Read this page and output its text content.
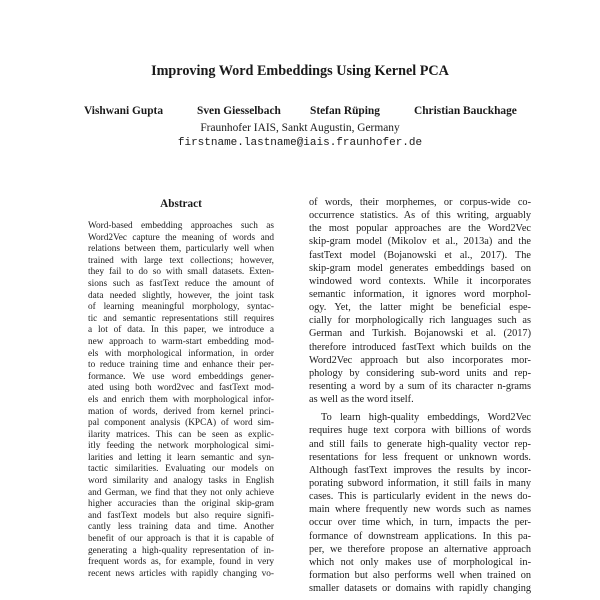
Improving Word Embeddings Using Kernel PCA
Vishwani Gupta	Sven Giesselbach	Stefan Rüping	Christian Bauckhage
Fraunhofer IAIS, Sankt Augustin, Germany
firstname.lastname@iais.fraunhofer.de
Abstract
Word-based embedding approaches such as
Word2Vec capture the meaning of words and
relations between them, particularly well when
trained with large text collections; however,
they fail to do so with small datasets. Exten-
sions such as fastText reduce the amount of
data needed slightly, however, the joint task
of learning meaningful morphology, syntac-
tic and semantic representations still requires
a lot of data. In this paper, we introduce a
new approach to warm-start embedding mod-
els with morphological information, in order
to reduce training time and enhance their per-
formance. We use word embeddings gener-
ated using both word2vec and fastText mod-
els and enrich them with morphological infor-
mation of words, derived from kernel princi-
pal component analysis (KPCA) of word sim-
ilarity matrices. This can be seen as explic-
itly feeding the network morphological simi-
larities and letting it learn semantic and syn-
tactic similarities. Evaluating our models on
word similarity and analogy tasks in English
and German, we find that they not only achieve
higher accuracies than the original skip-gram
and fastText models but also require signifi-
cantly less training data and time. Another
benefit of our approach is that it is capable of
generating a high-quality representation of in-
frequent words as, for example, found in very
recent news articles with rapidly changing vo-
of words, their morphemes, or corpus-wide co-
occurrence statistics. As of this writing, arguably
the most popular approaches are the Word2Vec
skip-gram model (Mikolov et al., 2013a) and the
fastText model (Bojanowski et al., 2017). The
skip-gram model generates embeddings based on
windowed word contexts. While it incorporates
semantic information, it ignores word morphol-
ogy. Yet, the latter might be beneficial espe-
cially for morphologically rich languages such as
German and Turkish. Bojanowski et al. (2017)
therefore introduced fastText which builds on the
Word2Vec approach but also incorporates mor-
phology by considering sub-word units and rep-
resenting a word by a sum of its character n-grams
as well as the word itself.
To learn high-quality embeddings, Word2Vec
requires huge text corpora with billions of words
and still fails to generate high-quality vector rep-
resentations for less frequent or unknown words.
Although fastText improves the results by incor-
porating subword information, it still fails in many
cases. This is particularly evident in the news do-
main where frequently new words such as names
occur over time which, in turn, impacts the per-
formance of downstream applications. In this pa-
per, we therefore propose an alternative approach
which not only makes use of morphological in-
formation but also performs well when trained on
smaller datasets or domains with rapidly changing
